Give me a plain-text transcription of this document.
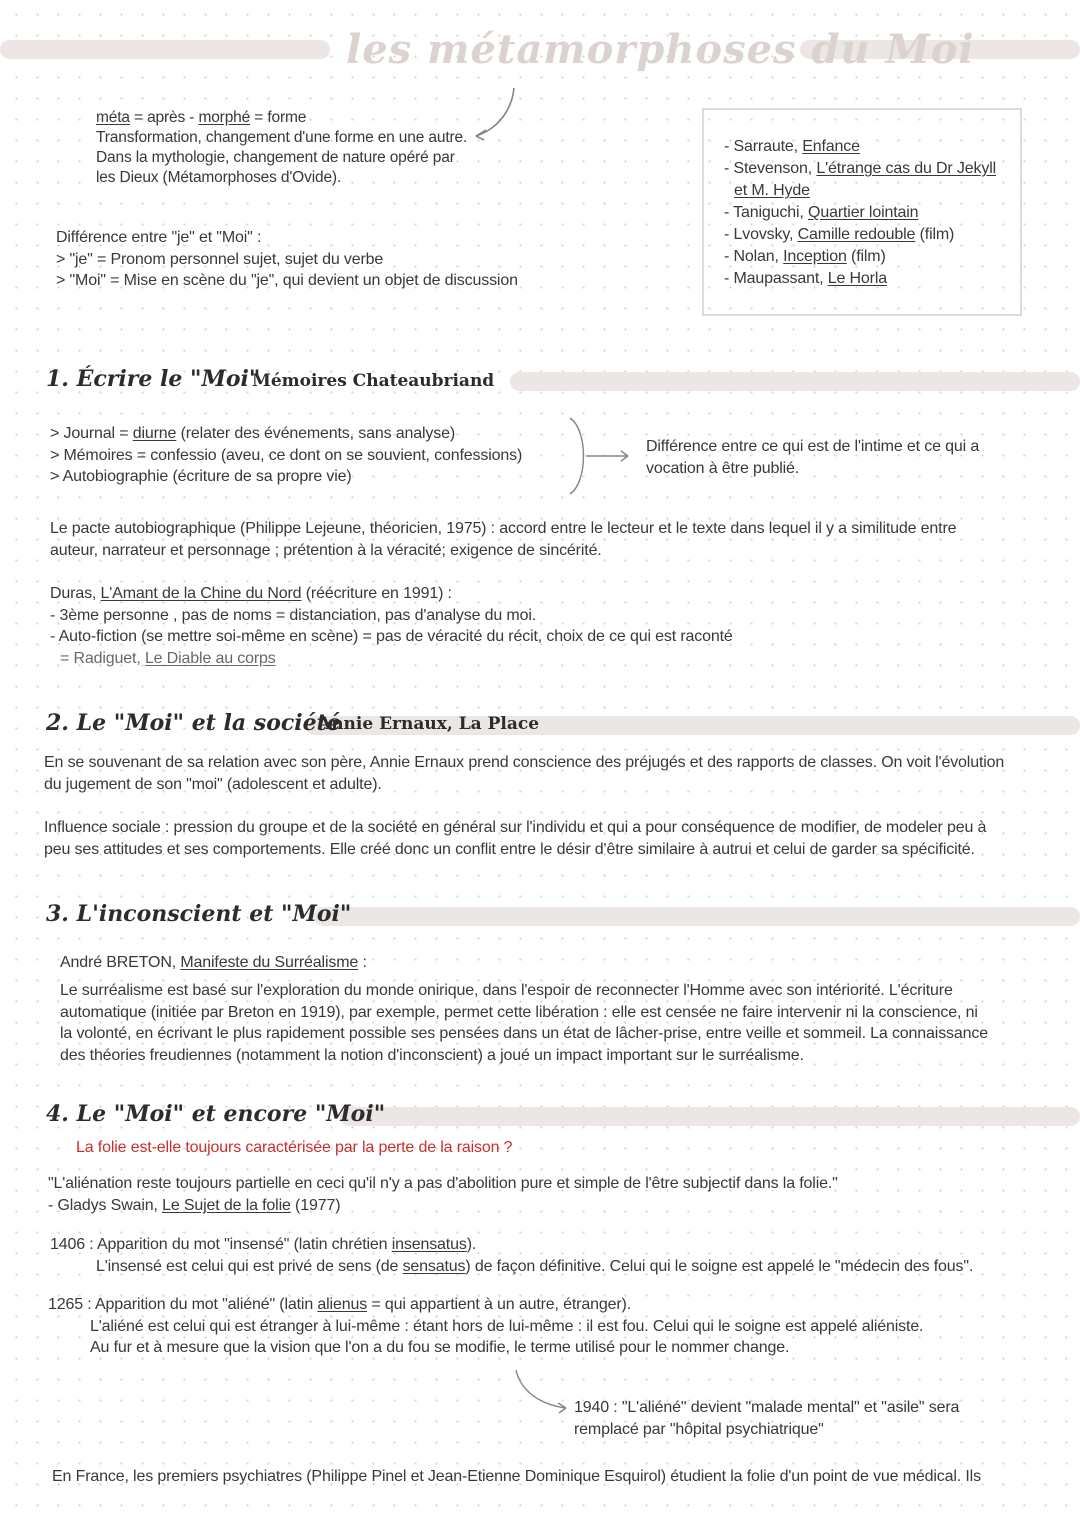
les métamorphoses du Moi
méta = après - morphé = forme
Transformation, changement d'une forme en une autre.
Dans la mythologie, changement de nature opéré par
les Dieux (Métamorphoses d'Ovide).
Différence entre "je" et "Moi" :
> "je" = Pronom personnel sujet, sujet du verbe
> "Moi" = Mise en scène du "je", qui devient un objet de discussion
- Sarraute, Enfance
- Stevenson, L'étrange cas du Dr Jekyll
et M. Hyde
- Taniguchi, Quartier lointain
- Lvovsky, Camille redouble (film)
- Nolan, Inception (film)
- Maupassant, Le Horla
1. Écrire le "Moi"
Mémoires Chateaubriand
> Journal = diurne (relater des événements, sans analyse)
> Mémoires = confessio (aveu, ce dont on se souvient, confessions)
> Autobiographie (écriture de sa propre vie)
Différence entre ce qui est de l'intime et ce qui a
vocation à être publié.
Le pacte autobiographique (Philippe Lejeune, théoricien, 1975) : accord entre le lecteur et le texte dans lequel il y a similitude entre
auteur, narrateur et personnage ; prétention à la véracité; exigence de sincérité.
Duras, L'Amant de la Chine du Nord (réécriture en 1991) :
- 3ème personne , pas de noms = distanciation, pas d'analyse du moi.
- Auto-fiction (se mettre soi-même en scène) = pas de véracité du récit, choix de ce qui est raconté
= Radiguet, Le Diable au corps
2. Le "Moi" et la société
Annie Ernaux, La Place
En se souvenant de sa relation avec son père, Annie Ernaux prend conscience des préjugés et des rapports de classes. On voit l'évolution
du jugement de son "moi" (adolescent et adulte).
Influence sociale : pression du groupe et de la société en général sur l'individu et qui a pour conséquence de modifier, de modeler peu à
peu ses attitudes et ses comportements. Elle créé donc un conflit entre le désir d'être similaire à autrui et celui de garder sa spécificité.
3. L'inconscient et "Moi"
André BRETON, Manifeste du Surréalisme :
Le surréalisme est basé sur l'exploration du monde onirique, dans l'espoir de reconnecter l'Homme avec son intériorité. L'écriture
automatique (initiée par Breton en 1919), par exemple, permet cette libération : elle est censée ne faire intervenir ni la conscience, ni
la volonté, en écrivant le plus rapidement possible ses pensées dans un état de lâcher-prise, entre veille et sommeil. La connaissance
des théories freudiennes (notamment la notion d'inconscient) a joué un impact important sur le surréalisme.
4. Le "Moi" et encore "Moi"
La folie est-elle toujours caractérisée par la perte de la raison ?
"L'aliénation reste toujours partielle en ceci qu'il n'y a pas d'abolition pure et simple de l'être subjectif dans la folie."
- Gladys Swain, Le Sujet de la folie (1977)
1406 : Apparition du mot "insensé" (latin chrétien insensatus).
L'insensé est celui qui est privé de sens (de sensatus) de façon définitive. Celui qui le soigne est appelé le "médecin des fous".
1265 : Apparition du mot "aliéné" (latin alienus = qui appartient à un autre, étranger).
L'aliéné est celui qui est étranger à lui-même : étant hors de lui-même : il est fou. Celui qui le soigne est appelé aliéniste.
Au fur et à mesure que la vision que l'on a du fou se modifie, le terme utilisé pour le nommer change.
1940 : "L'aliéné" devient "malade mental" et "asile" sera
remplacé par "hôpital psychiatrique"
En France, les premiers psychiatres (Philippe Pinel et Jean-Etienne Dominique Esquirol) étudient la folie d'un point de vue médical. Ils
